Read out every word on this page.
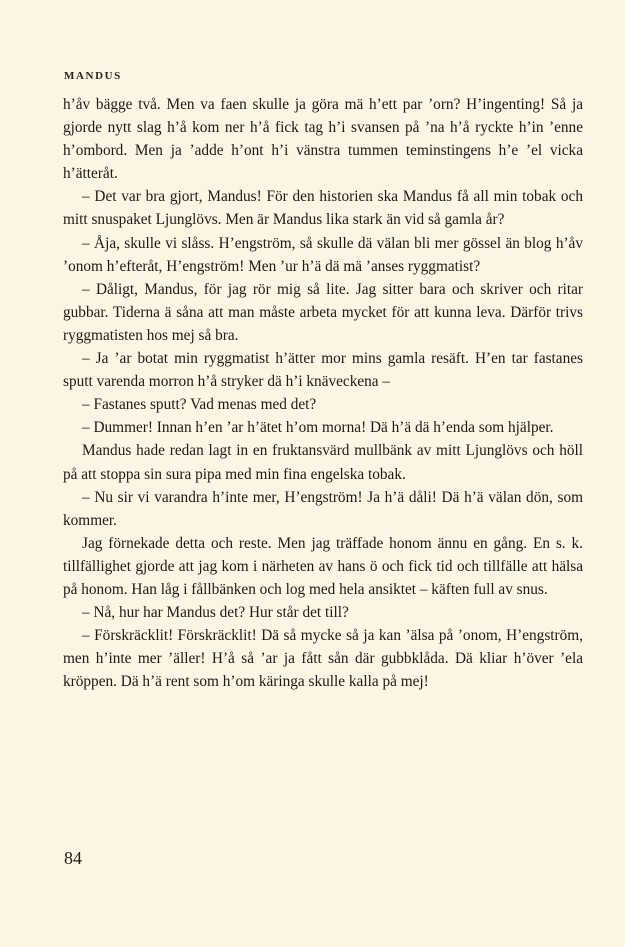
MANDUS

h’åv bägge två. Men va faen skulle ja göra mä h’ett par ’orn? H’ingenting! Så ja gjorde nytt slag h’å kom ner h’å fick tag h’i svansen på ’na h’å ryckte h’in ’enne h’ombord. Men ja ’adde h’ont h’i vänstra tummen teminstingens h’e ’el vicka h’ätteråt.

– Det var bra gjort, Mandus! För den historien ska Mandus få all min tobak och mitt snuspaket Ljunglövs. Men är Mandus lika stark än vid så gamla år?

– Åja, skulle vi slåss. H’engström, så skulle dä välan bli mer gössel än blog h’åv ’onom h’efteråt, H’engström! Men ’ur h’ä dä mä ’anses ryggmatist?

– Dåligt, Mandus, för jag rör mig så lite. Jag sitter bara och skriver och ritar gubbar. Tiderna ä såna att man måste arbeta mycket för att kunna leva. Därför trivs ryggmatisten hos mej så bra.

– Ja ’ar botat min ryggmatist h’ätter mor mins gamla resäft. H’en tar fastanes sputt varenda morron h’å stryker dä h’i knäveckena –

– Fastanes sputt? Vad menas med det?

– Dummer! Innan h’en ’ar h’ätet h’om morna! Dä h’ä dä h’enda som hjälper.

Mandus hade redan lagt in en fruktansvärd mullbänk av mitt Ljunglövs och höll på att stoppa sin sura pipa med min fina engelska tobak.

– Nu sir vi varandra h’inte mer, H’engström! Ja h’ä dåli! Dä h’ä välan dön, som kommer.

Jag förnekade detta och reste. Men jag träffade honom ännu en gång. En s. k. tillfällighet gjorde att jag kom i närheten av hans ö och fick tid och tillfälle att hälsa på honom. Han låg i fållbänken och log med hela ansiktet – käften full av snus.

– Nå, hur har Mandus det? Hur står det till?

– Förskräcklit! Förskräcklit! Dä så mycke så ja kan ’älsa på ’onom, H’engström, men h’inte mer ’äller! H’å så ’ar ja fått sån där gubbklåda. Dä kliar h’över ’ela kröppen. Dä h’ä rent som h’om käringa skulle kalla på mej!

84
